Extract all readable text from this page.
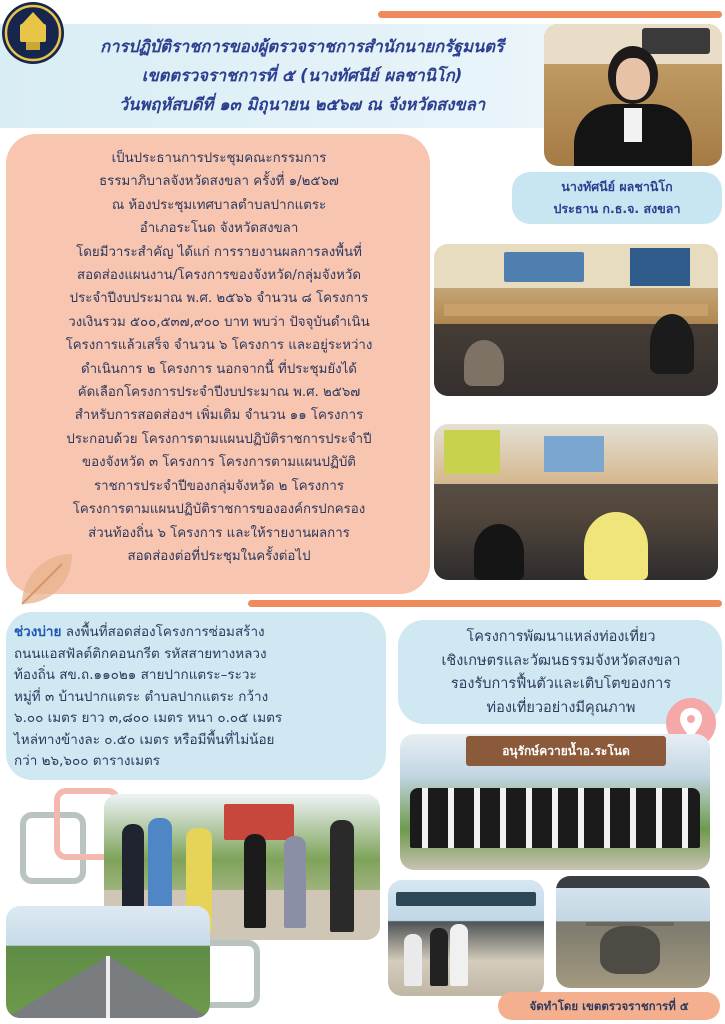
การปฏิบัติราชการของผู้ตรวจราชการสำนักนายกรัฐมนตรี
เขตตรวจราชการที่ ๕ (นางทัศนีย์ ผลชานิโก)
วันพฤหัสบดีที่ ๑๓ มิถุนายน ๒๕๖๗ ณ จังหวัดสงขลา
นางทัศนีย์ ผลชานิโก
ประธาน ก.ธ.จ. สงขลา
เป็นประธานการประชุมคณะกรรมการ
ธรรมาภิบาลจังหวัดสงขลา ครั้งที่ ๑/๒๕๖๗
ณ ห้องประชุมเทศบาลตำบลปากแตระ
อำเภอระโนด จังหวัดสงขลา
โดยมีวาระสำคัญ ได้แก่ การรายงานผลการลงพื้นที่
สอดส่องแผนงาน/โครงการของจังหวัด/กลุ่มจังหวัด
ประจำปีงบประมาณ พ.ศ. ๒๕๖๖ จำนวน ๘ โครงการ
วงเงินรวม ๕๐๐,๕๓๗,๙๐๐ บาท พบว่า ปัจจุบันดำเนิน
โครงการแล้วเสร็จ จำนวน ๖ โครงการ และอยู่ระหว่าง
ดำเนินการ ๒ โครงการ นอกจากนี้ ที่ประชุมยังได้
คัดเลือกโครงการประจำปีงบประมาณ พ.ศ. ๒๕๖๗
สำหรับการสอดส่องฯ เพิ่มเติม จำนวน ๑๑ โครงการ
ประกอบด้วย โครงการตามแผนปฏิบัติราชการประจำปี
ของจังหวัด ๓ โครงการ โครงการตามแผนปฏิบัติ
ราชการประจำปีของกลุ่มจังหวัด ๒ โครงการ
โครงการตามแผนปฏิบัติราชการขององค์กรปกครอง
ส่วนท้องถิ่น ๖ โครงการ และให้รายงานผลการ
สอดส่องต่อที่ประชุมในครั้งต่อไป
ช่วงบ่าย ลงพื้นที่สอดส่องโครงการซ่อมสร้าง
ถนนแอสฟัลต์ติกคอนกรีต รหัสสายทางหลวง
ท้องถิ่น สข.ถ.๑๑๐๒๑ สายปากแตระ–ระวะ
หมู่ที่ ๓ บ้านปากแตระ ตำบลปากแตระ กว้าง
๖.๐๐ เมตร ยาว ๓,๘๐๐ เมตร หนา ๐.๐๕ เมตร
ไหล่ทางข้างละ ๐.๕๐ เมตร หรือมีพื้นที่ไม่น้อย
กว่า ๒๖,๖๐๐ ตารางเมตร
โครงการพัฒนาแหล่งท่องเที่ยว
เชิงเกษตรและวัฒนธรรมจังหวัดสงขลา
รองรับการฟื้นตัวและเติบโตของการ
ท่องเที่ยวอย่างมีคุณภาพ
อนุรักษ์ควายน้ำอ.ระโนด
จัดทำโดย เขตตรวจราชการที่ ๕
